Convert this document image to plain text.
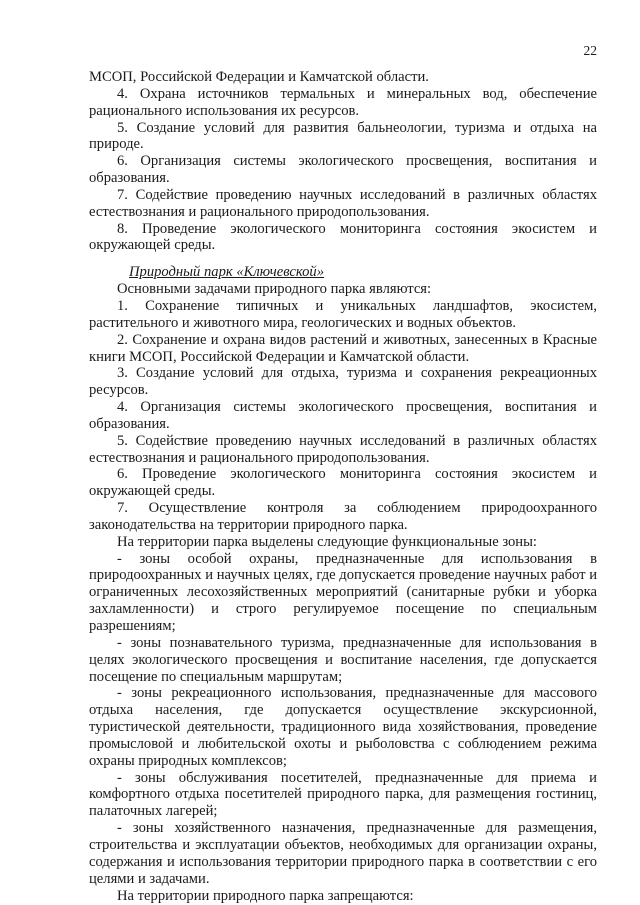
22

МСОП, Российской Федерации и Камчатской области.

4. Охрана источников термальных и минеральных вод, обеспечение рационального использования их ресурсов.

5. Создание условий для развития бальнеологии, туризма и отдыха на природе.

6. Организация системы экологического просвещения, воспитания и образования.

7. Содействие проведению научных исследований в различных областях естествознания и рационального природопользования.

8. Проведение экологического мониторинга состояния экосистем и окружающей среды.

Природный парк «Ключевской»

Основными задачами природного парка являются:

1. Сохранение типичных и уникальных ландшафтов, экосистем, растительного и животного мира, геологических и водных объектов.

2. Сохранение и охрана видов растений и животных, занесенных в Красные книги МСОП, Российской Федерации и Камчатской области.

3. Создание условий для отдыха, туризма и сохранения рекреационных ресурсов.

4. Организация системы экологического просвещения, воспитания и образования.

5. Содействие проведению научных исследований в различных областях естествознания и рационального природопользования.

6. Проведение экологического мониторинга состояния экосистем и окружающей среды.

7. Осуществление контроля за соблюдением природоохранного законодательства на территории природного парка.

На территории парка выделены следующие функциональные зоны:

- зоны особой охраны, предназначенные для использования в природоохранных и научных целях, где допускается проведение научных работ и ограниченных лесохозяйственных мероприятий (санитарные рубки и уборка захламленности) и строго регулируемое посещение по специальным разрешениям;

- зоны познавательного туризма, предназначенные для использования в целях экологического просвещения и воспитание населения, где допускается посещение по специальным маршрутам;

- зоны рекреационного использования, предназначенные для массового отдыха населения, где допускается осуществление экскурсионной, туристической деятельности, традиционного вида хозяйствования, проведение промысловой и любительской охоты и рыболовства с соблюдением режима охраны природных комплексов;

- зоны обслуживания посетителей, предназначенные для приема и комфортного отдыха посетителей природного парка, для размещения гостиниц, палаточных лагерей;

- зоны хозяйственного назначения, предназначенные для размещения, строительства и эксплуатации объектов, необходимых для организации охраны, содержания и использования территории природного парка в соответствии с его целями и задачами.

На территории природного парка запрещаются:
